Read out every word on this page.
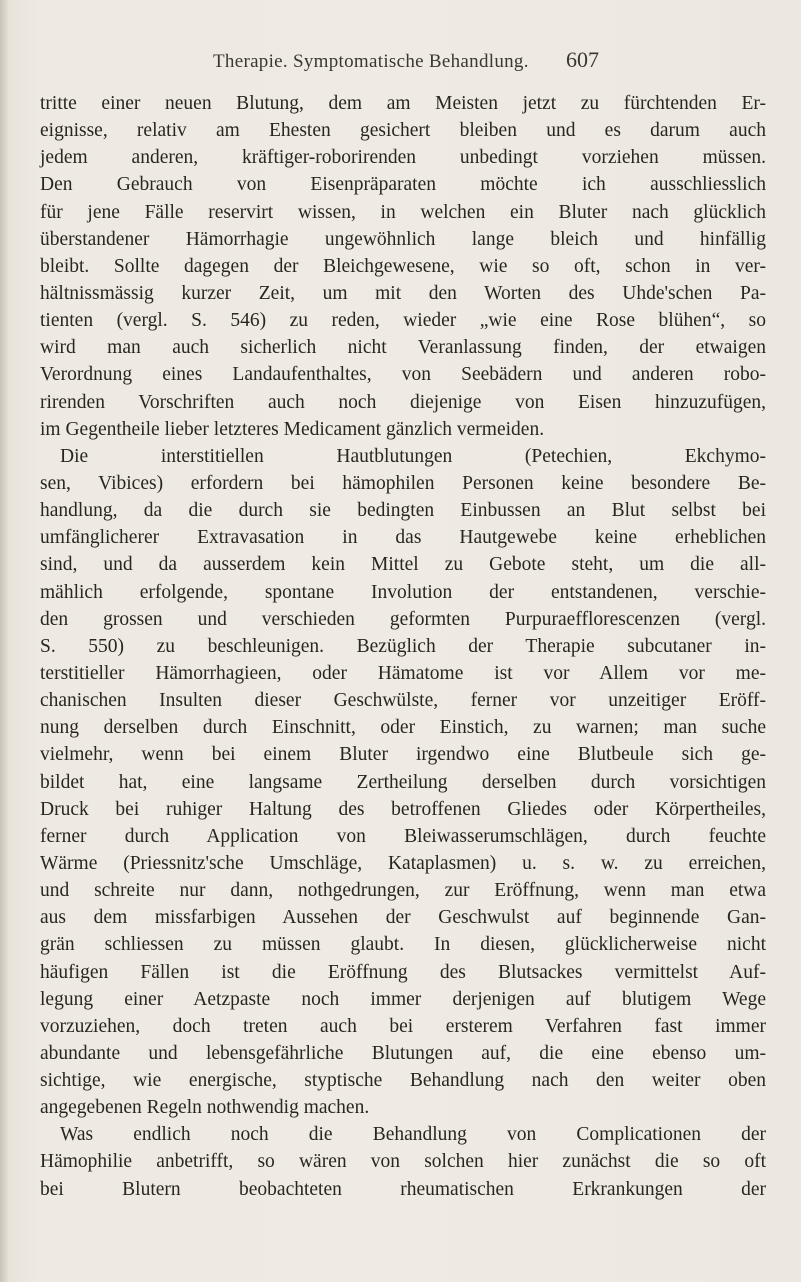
Therapie. Symptomatische Behandlung. 607
tritte einer neuen Blutung, dem am Meisten jetzt zu fürchtenden Er-
eignisse, relativ am Ehesten gesichert bleiben und es darum auch
jedem anderen, kräftiger-roborirenden unbedingt vorziehen müssen.
Den Gebrauch von Eisenpräparaten möchte ich ausschliesslich
für jene Fälle reservirt wissen, in welchen ein Bluter nach glücklich
überstandener Hämorrhagie ungewöhnlich lange bleich und hinfällig
bleibt. Sollte dagegen der Bleichgewesene, wie so oft, schon in ver-
hältnissmässig kurzer Zeit, um mit den Worten des Uhde'schen Pa-
tienten (vergl. S. 546) zu reden, wieder „wie eine Rose blühen“, so
wird man auch sicherlich nicht Veranlassung finden, der etwaigen
Verordnung eines Landaufenthaltes, von Seebädern und anderen robo-
rirenden Vorschriften auch noch diejenige von Eisen hinzuzufügen,
im Gegentheile lieber letzteres Medicament gänzlich vermeiden.
Die interstitiellen Hautblutungen (Petechien, Ekchymo-
sen, Vibices) erfordern bei hämophilen Personen keine besondere Be-
handlung, da die durch sie bedingten Einbussen an Blut selbst bei
umfänglicherer Extravasation in das Hautgewebe keine erheblichen
sind, und da ausserdem kein Mittel zu Gebote steht, um die all-
mählich erfolgende, spontane Involution der entstandenen, verschie-
den grossen und verschieden geformten Purpuraefflorescenzen (vergl.
S. 550) zu beschleunigen. Bezüglich der Therapie subcutaner in-
terstitieller Hämorrhagieen, oder Hämatome ist vor Allem vor me-
chanischen Insulten dieser Geschwülste, ferner vor unzeitiger Eröff-
nung derselben durch Einschnitt, oder Einstich, zu warnen; man suche
vielmehr, wenn bei einem Bluter irgendwo eine Blutbeule sich ge-
bildet hat, eine langsame Zertheilung derselben durch vorsichtigen
Druck bei ruhiger Haltung des betroffenen Gliedes oder Körpertheiles,
ferner durch Application von Bleiwasserumschlägen, durch feuchte
Wärme (Priessnitz'sche Umschläge, Kataplasmen) u. s. w. zu erreichen,
und schreite nur dann, nothgedrungen, zur Eröffnung, wenn man etwa
aus dem missfarbigen Aussehen der Geschwulst auf beginnende Gan-
grän schliessen zu müssen glaubt. In diesen, glücklicherweise nicht
häufigen Fällen ist die Eröffnung des Blutsackes vermittelst Auf-
legung einer Aetzpaste noch immer derjenigen auf blutigem Wege
vorzuziehen, doch treten auch bei ersterem Verfahren fast immer
abundante und lebensgefährliche Blutungen auf, die eine ebenso um-
sichtige, wie energische, styptische Behandlung nach den weiter oben
angegebenen Regeln nothwendig machen.
Was endlich noch die Behandlung von Complicationen der
Hämophilie anbetrifft, so wären von solchen hier zunächst die so oft
bei Blutern beobachteten rheumatischen Erkrankungen der
